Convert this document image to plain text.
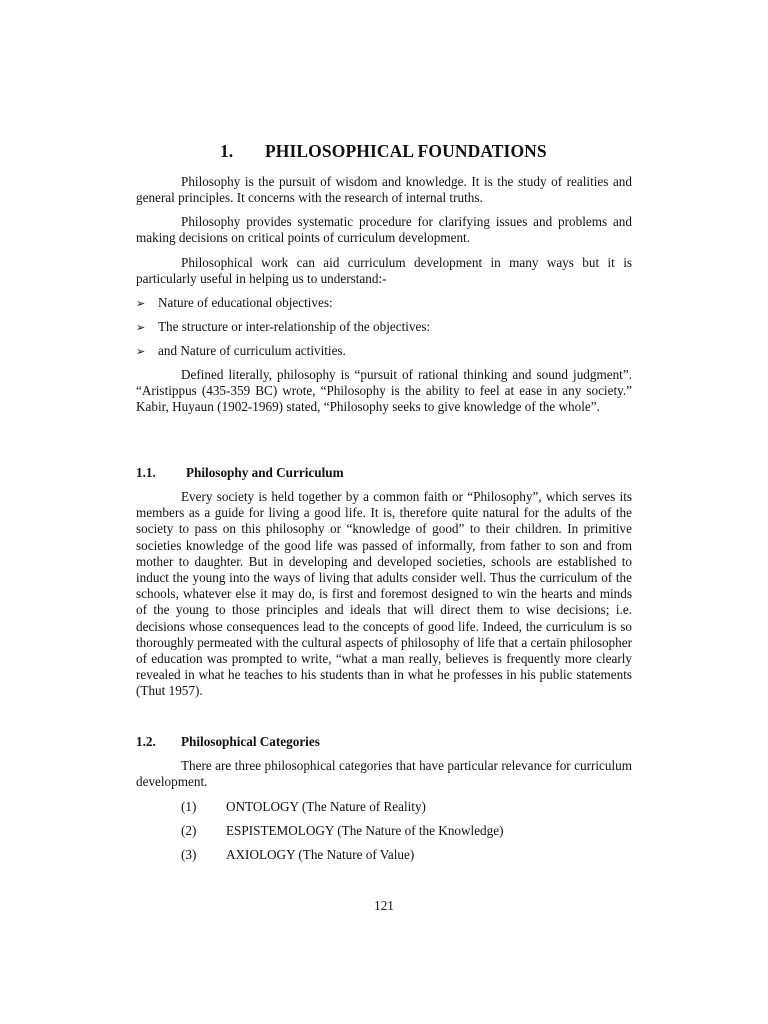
1. PHILOSOPHICAL FOUNDATIONS

Philosophy is the pursuit of wisdom and knowledge. It is the study of realities and general principles. It concerns with the research of internal truths.

Philosophy provides systematic procedure for clarifying issues and problems and making decisions on critical points of curriculum development.

Philosophical work can aid curriculum development in many ways but it is particularly useful in helping us to understand:-

➢ Nature of educational objectives:
➢ The structure or inter-relationship of the objectives:
➢ and Nature of curriculum activities.

Defined literally, philosophy is “pursuit of rational thinking and sound judgment”. “Aristippus (435-359 BC) wrote, “Philosophy is the ability to feel at ease in any society.” Kabir, Huyaun (1902-1969) stated, “Philosophy seeks to give knowledge of the whole”.

1.1. Philosophy and Curriculum

Every society is held together by a common faith or “Philosophy”, which serves its members as a guide for living a good life. It is, therefore quite natural for the adults of the society to pass on this philosophy or “knowledge of good” to their children. In primitive societies knowledge of the good life was passed of informally, from father to son and from mother to daughter. But in developing and developed societies, schools are established to induct the young into the ways of living that adults consider well. Thus the curriculum of the schools, whatever else it may do, is first and foremost designed to win the hearts and minds of the young to those principles and ideals that will direct them to wise decisions; i.e. decisions whose consequences lead to the concepts of good life. Indeed, the curriculum is so thoroughly permeated with the cultural aspects of philosophy of life that a certain philosopher of education was prompted to write, “what a man really, believes is frequently more clearly revealed in what he teaches to his students than in what he professes in his public statements (Thut 1957).

1.2. Philosophical Categories

There are three philosophical categories that have particular relevance for curriculum development.

(1) ONTOLOGY (The Nature of Reality)
(2) ESPISTEMOLOGY (The Nature of the Knowledge)
(3) AXIOLOGY (The Nature of Value)
121
